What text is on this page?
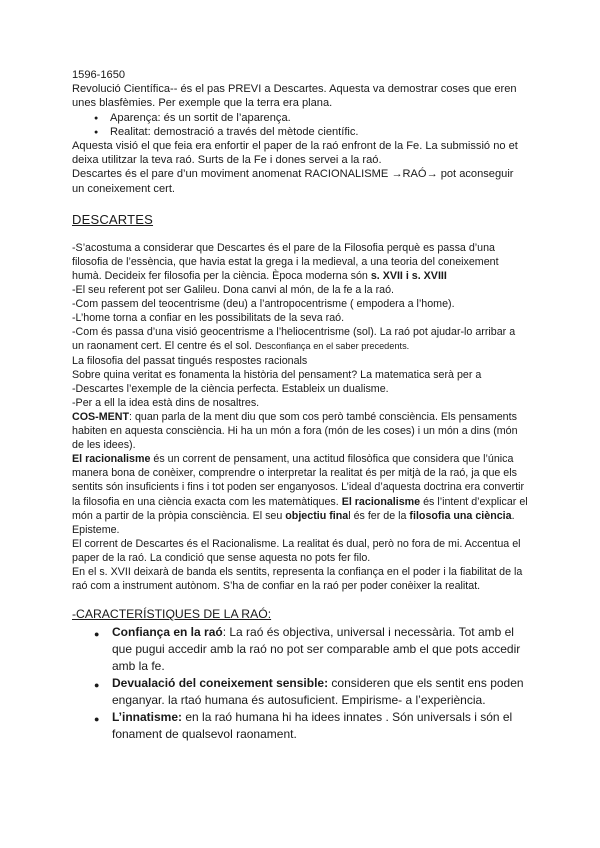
1596-1650

Revolució Científica-- és el pas PREVI a Descartes. Aquesta va demostrar coses que eren unes blasfèmies. Per exemple que la terra era plana.

● Aparença: és un sortit de l’aparença.
● Realitat: demostració a través del mètode científic.

Aquesta visió el que feia era enfortir el paper de la raó enfront de la Fe. La submissió no et deixa utilitzar la teva raó. Surts de la Fe i dones servei a la raó.

Descartes és el pare d’un moviment anomenat RACIONALISME →RAÓ→ pot aconseguir un coneixement cert.

DESCARTES

-S’acostuma a considerar que Descartes és el pare de la Filosofia perquè es passa d’una filosofia de l’essència, que havia estat la grega i la medieval, a una teoria del coneixement humà. Decideix fer filosofia per la ciència. Època moderna són s. XVII i s. XVIII

-El seu referent pot ser Galileu. Dona canvi al món, de la fe a la raó.

-Com passem del teocentrisme (deu) a l’antropocentrisme ( empodera a l’home).

-L’home torna a confiar en les possibilitats de la seva raó.

-Com és passa d’una visió geocentrisme a l’heliocentrisme (sol). La raó pot ajudar-lo arribar a un raonament cert. El centre és el sol. Desconfiança en el saber precedents.

La filosofia del passat tingués respostes racionals

Sobre quina veritat es fonamenta la història del pensament? La matematica serà per a

-Descartes l’exemple de la ciència perfecta. Estableix un dualisme.

-Per a ell la idea està dins de nosaltres.

COS-MENT: quan parla de la ment diu que som cos però també consciència. Els pensaments habiten en aquesta consciència. Hi ha un món a fora (món de les coses) i un món a dins (món de les idees).

El racionalisme és un corrent de pensament, una actitud filosòfica que considera que l’única manera bona de conèixer, comprendre o interpretar la realitat és per mitjà de la raó, ja que els sentits són insuficients i fins i tot poden ser enganyosos. L’ideal d’aquesta doctrina era convertir la filosofia en una ciència exacta com les matemàtiques. El racionalisme és l’intent d’explicar el món a partir de la pròpia consciència. El seu objectiu final és fer de la filosofia una ciència. Episteme.

El corrent de Descartes és el Racionalisme. La realitat és dual, però no fora de mi. Accentua el paper de la raó. La condició que sense aquesta no pots fer filo.

En el s. XVII deixarà de banda els sentits, representa la confiança en el poder i la fiabilitat de la raó com a instrument autònom. S’ha de confiar en la raó per poder conèixer la realitat.

-CARACTERÍSTIQUES DE LA RAÓ:
● Confiança en la raó: La raó és objectiva, universal i necessària. Tot amb el que pugui accedir amb la raó no pot ser comparable amb el que pots accedir amb la fe.
● Devualació del coneixement sensible: consideren que els sentit ens poden enganyar. la rtaó humana és autosuficient. Empirisme- a l’experiència.
● L’innatisme: en la raó humana hi ha idees innates . Són universals i són el fonament de qualsevol raonament.
